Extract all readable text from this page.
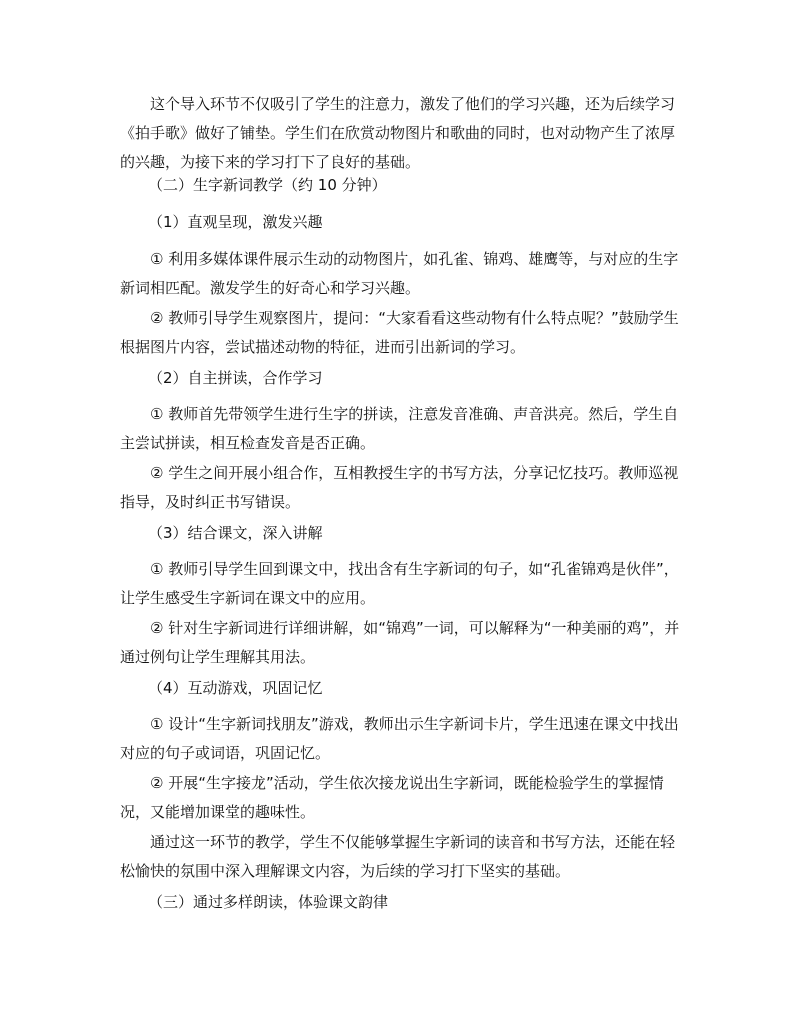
这个导入环节不仅吸引了学生的注意力，激发了他们的学习兴趣，还为后续学习《拍手歌》做好了铺垫。学生们在欣赏动物图片和歌曲的同时，也对动物产生了浓厚的兴趣，为接下来的学习打下了良好的基础。

（二）生字新词教学（约 10 分钟）

（1）直观呈现，激发兴趣

① 利用多媒体课件展示生动的动物图片，如孔雀、锦鸡、雄鹰等，与对应的生字新词相匹配。激发学生的好奇心和学习兴趣。

② 教师引导学生观察图片，提问：“大家看看这些动物有什么特点呢？”鼓励学生根据图片内容，尝试描述动物的特征，进而引出新词的学习。

（2）自主拼读，合作学习

① 教师首先带领学生进行生字的拼读，注意发音准确、声音洪亮。然后，学生自主尝试拼读，相互检查发音是否正确。

② 学生之间开展小组合作，互相教授生字的书写方法，分享记忆技巧。教师巡视指导，及时纠正书写错误。

（3）结合课文，深入讲解

① 教师引导学生回到课文中，找出含有生字新词的句子，如“孔雀锦鸡是伙伴”，让学生感受生字新词在课文中的应用。

② 针对生字新词进行详细讲解，如“锦鸡”一词，可以解释为“一种美丽的鸡”，并通过例句让学生理解其用法。

（4）互动游戏，巩固记忆

① 设计“生字新词找朋友”游戏，教师出示生字新词卡片，学生迅速在课文中找出对应的句子或词语，巩固记忆。

② 开展“生字接龙”活动，学生依次接龙说出生字新词，既能检验学生的掌握情况，又能增加课堂的趣味性。

通过这一环节的教学，学生不仅能够掌握生字新词的读音和书写方法，还能在轻松愉快的氛围中深入理解课文内容，为后续的学习打下坚实的基础。

（三）通过多样朗读，体验课文韵律
